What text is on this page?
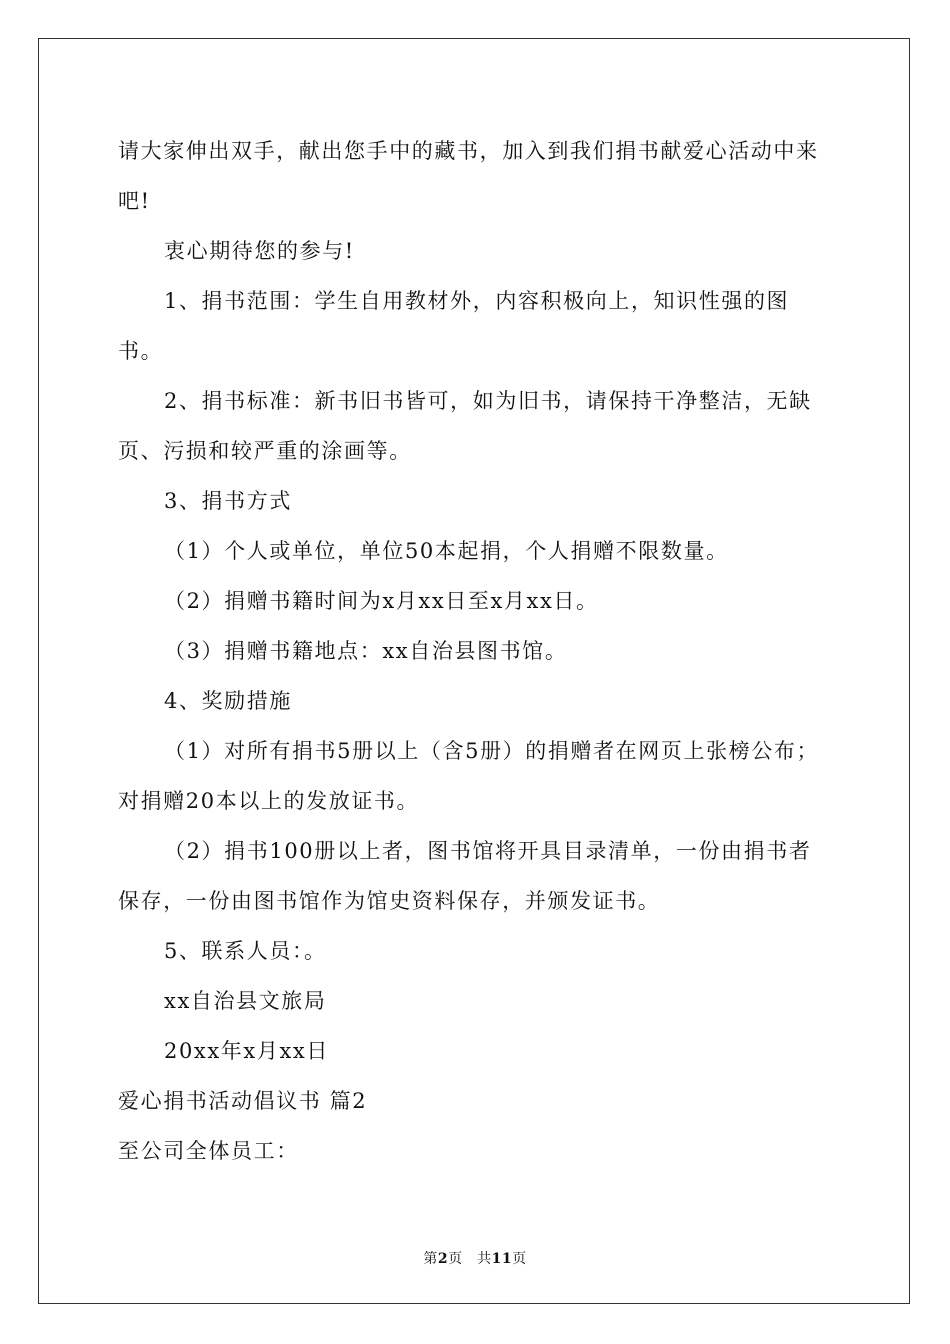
请大家伸出双手，献出您手中的藏书，加入到我们捐书献爱心活动中来吧!

衷心期待您的参与!

1、捐书范围：学生自用教材外，内容积极向上，知识性强的图书。

2、捐书标准：新书旧书皆可，如为旧书，请保持干净整洁，无缺页、污损和较严重的涂画等。

3、捐书方式

（1）个人或单位，单位50本起捐，个人捐赠不限数量。

（2）捐赠书籍时间为x月xx日至x月xx日。

（3）捐赠书籍地点：xx自治县图书馆。

4、奖励措施

（1）对所有捐书5册以上（含5册）的捐赠者在网页上张榜公布；对捐赠20本以上的发放证书。

（2）捐书100册以上者，图书馆将开具目录清单，一份由捐书者保存，一份由图书馆作为馆史资料保存，并颁发证书。

5、联系人员：。

xx自治县文旅局

20xx年x月xx日

爱心捐书活动倡议书 篇2

至公司全体员工：

第2页　共11页
